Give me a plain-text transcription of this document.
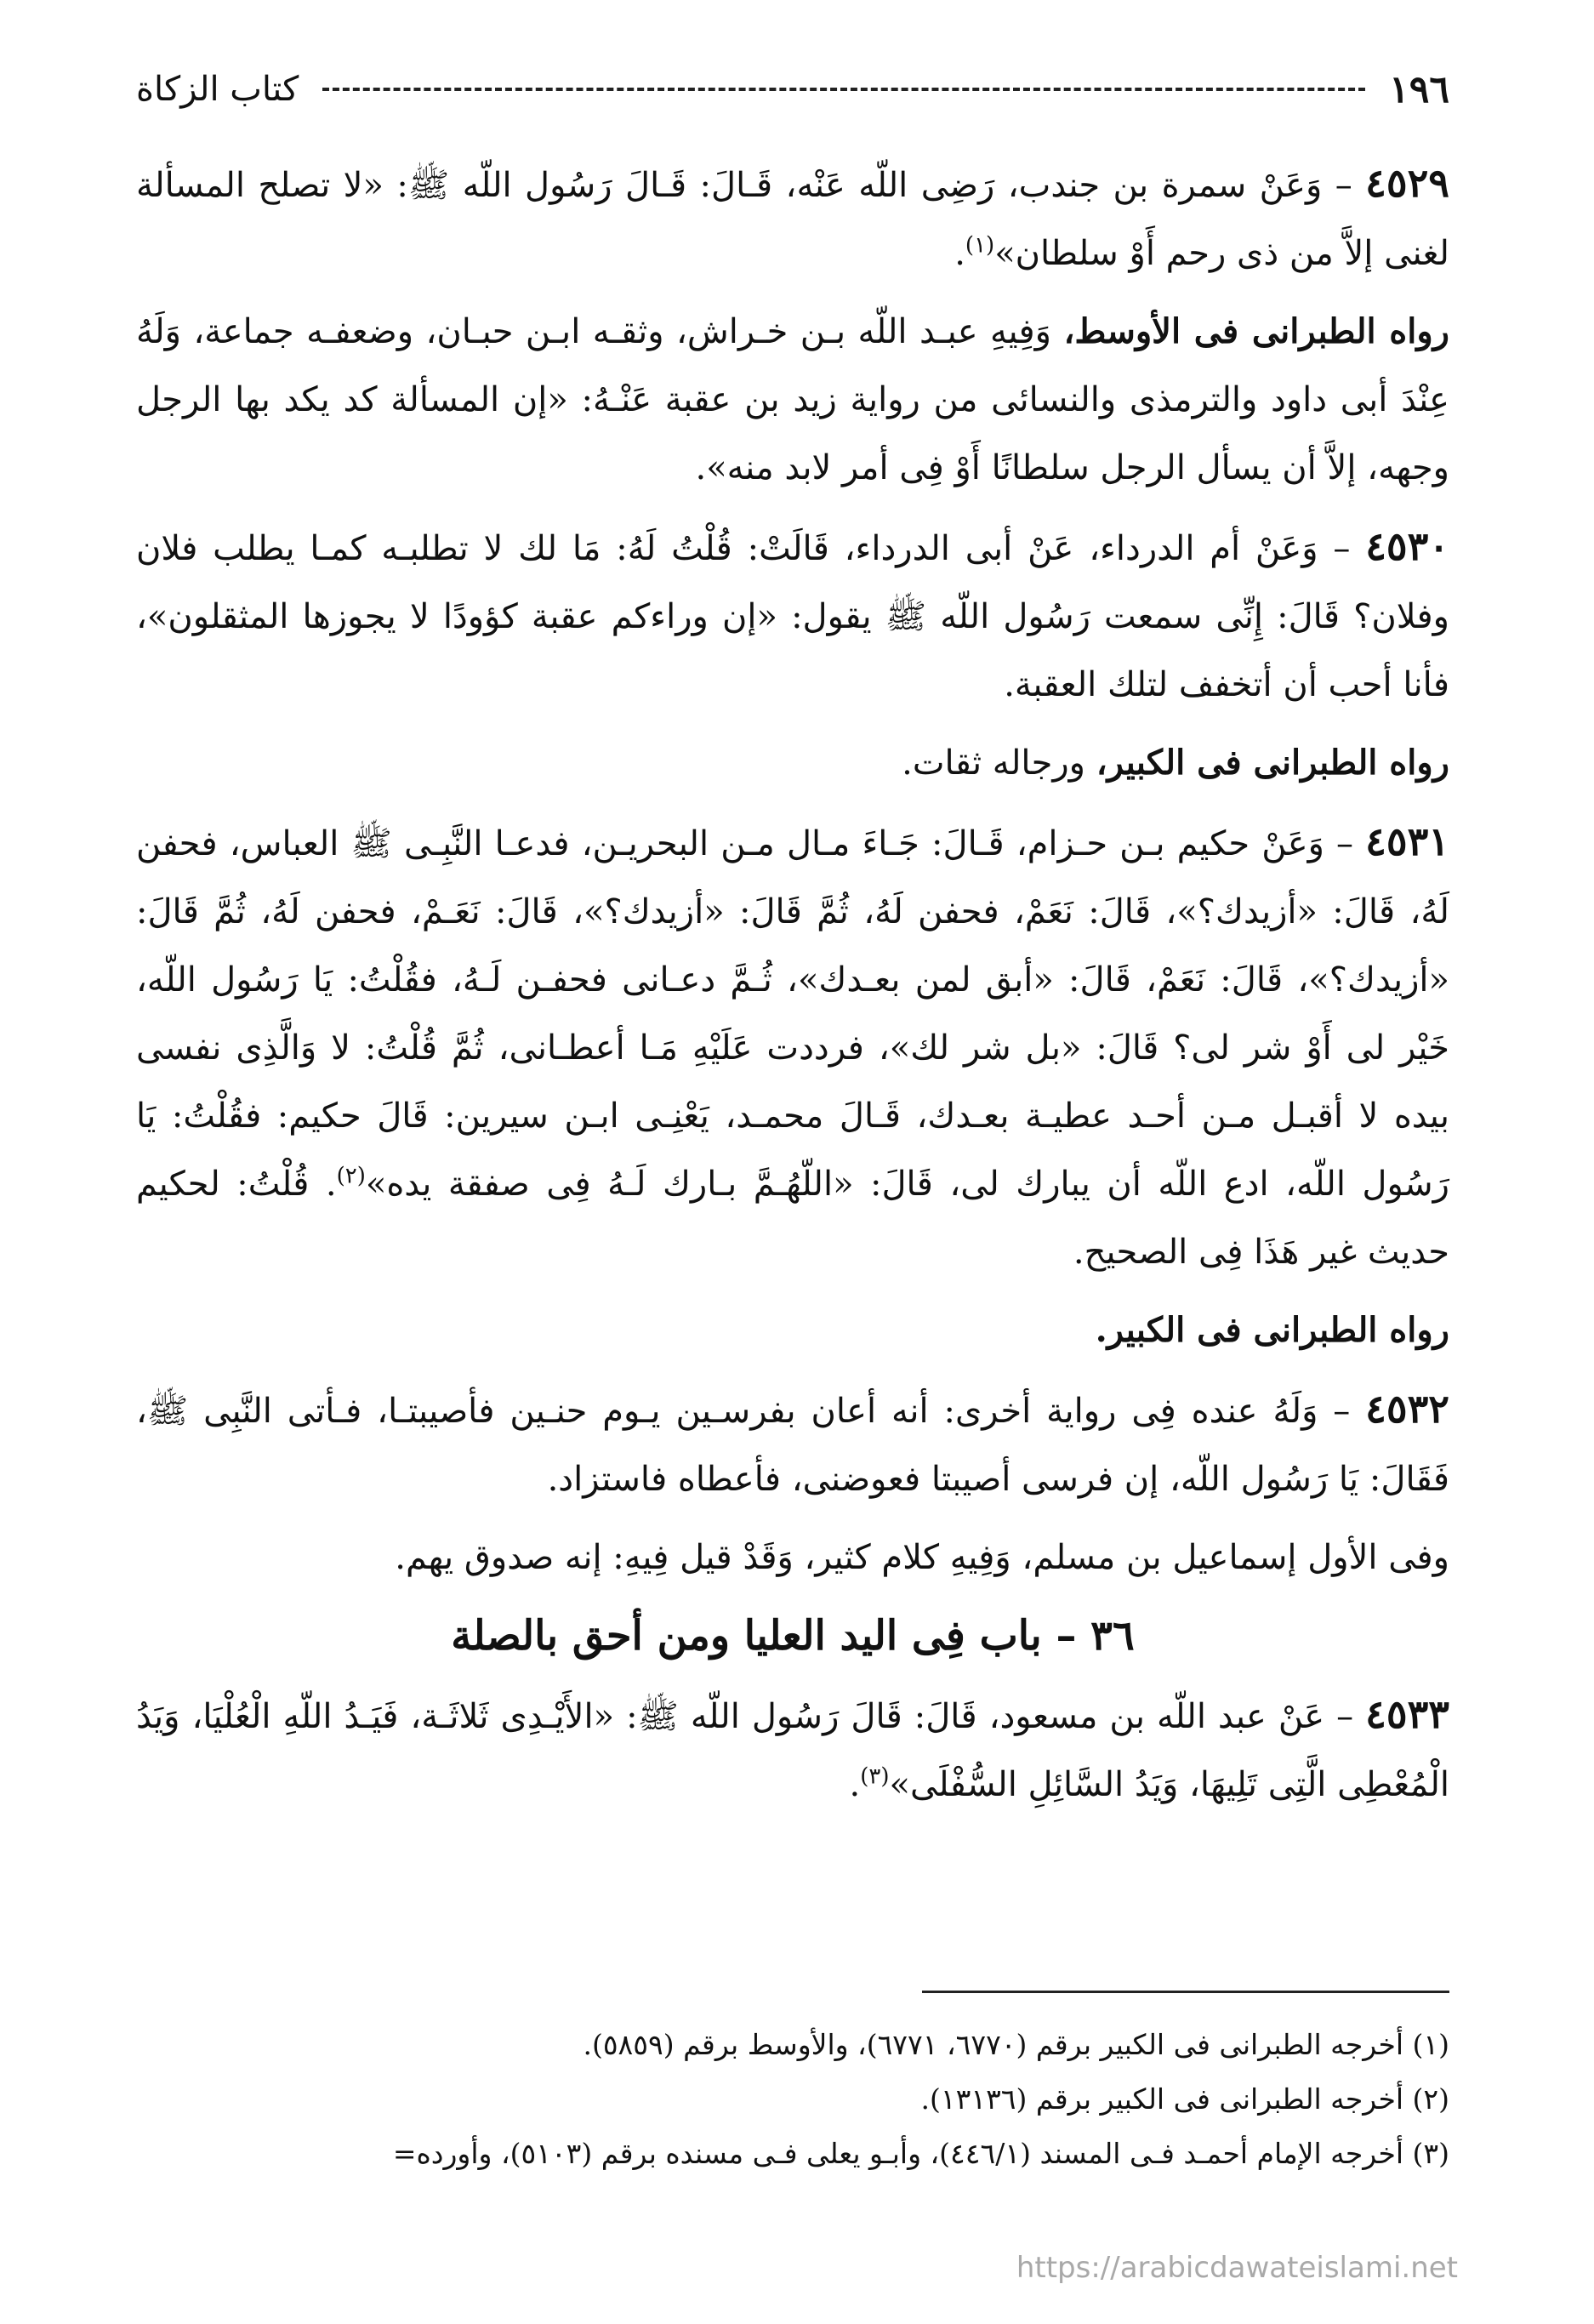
١٩٦
كتاب الزكاة

٤٥٢٩ – وَعَنْ سمرة بن جندب، رَضِى اللّه عَنْه، قَـالَ: قَـالَ رَسُول اللّه ﷺ: «لا تصلح المسألة لغنى إلاَّ من ذى رحم أَوْ سلطان»$^{(١)}$.

رواه الطبرانى فى الأوسط، وَفِيهِ عبـد اللّه بـن خـراش، وثقـه ابـن حبـان، وضعفـه جماعة، وَلَهُ عِنْدَ أبى داود والترمذى والنسائى من رواية زيد بن عقبة عَنْـهُ: «إن المسألة كد يكد بها الرجل وجهه، إلاَّ أن يسأل الرجل سلطانًا أَوْ فِى أمر لابد منه».

٤٥٣٠ – وَعَنْ أم الدرداء، عَنْ أبى الدرداء، قَالَتْ: قُلْتُ لَهُ: مَا لك لا تطلبـه كمـا يطلب فلان وفلان؟ قَالَ: إِنِّى سمعت رَسُول اللّه ﷺ يقول: «إن وراءكم عقبة كؤودًا لا يجوزها المثقلون»، فأنا أحب أن أتخفف لتلك العقبة.

رواه الطبرانى فى الكبير، ورجاله ثقات.

٤٥٣١ – وَعَنْ حكيم بـن حـزام، قَـالَ: جَـاءَ مـال مـن البحريـن، فدعـا النَّبِـى ﷺ العباس، فحفن لَهُ، قَالَ: «أزيدك؟»، قَالَ: نَعَمْ، فحفن لَهُ، ثُمَّ قَالَ: «أزيدك؟»، قَالَ: نَعَـمْ، فحفن لَهُ، ثُمَّ قَالَ: «أزيدك؟»، قَالَ: نَعَمْ، قَالَ: «أبق لمن بعـدك»، ثُـمَّ دعـانى فحفـن لَـهُ، فقُلْتُ: يَا رَسُول اللّه، خَيْر لى أَوْ شر لى؟ قَالَ: «بل شر لك»، فرددت عَلَيْهِ مَـا أعطـانى، ثُمَّ قُلْتُ: لا وَالَّذِى نفسى بيده لا أقبـل مـن أحـد عطيـة بعـدك، قَـالَ محمـد، يَعْنِـى ابـن سيرين: قَالَ حكيم: فقُلْتُ: يَا رَسُول اللّه، ادع اللّه أن يبارك لى، قَالَ: «اللّهُـمَّ بـارك لَـهُ فِى صفقة يده»$^{(٢)}$. قُلْتُ: لحكيم حديث غير هَذَا فِى الصحيح.

رواه الطبرانى فى الكبير.

٤٥٣٢ – وَلَهُ عنده فِى رواية أخرى: أنه أعان بفرسـين يـوم حنـين فأصيبتـا، فـأتى النَّبِى ﷺ، فَقَالَ: يَا رَسُول اللّه، إن فرسى أصيبتا فعوضنى، فأعطاه فاستزاد.

وفى الأول إسماعيل بن مسلم، وَفِيهِ كلام كثير، وَقَدْ قيل فِيهِ: إنه صدوق يهم.

٣٦ – باب فِى اليد العليا ومن أحق بالصلة

٤٥٣٣ – عَنْ عبد اللّه بن مسعود، قَالَ: قَالَ رَسُول اللّه ﷺ: «الأَيْـدِى ثَلاثَـة، فَيَـدُ اللّهِ الْعُلْيَا، وَيَدُ الْمُعْطِى الَّتِى تَلِيهَا، وَيَدُ السَّائِلِ السُّفْلَى»$^{(٣)}$.

(١) أخرجه الطبرانى فى الكبير برقم (٦٧٧٠، ٦٧٧١)، والأوسط برقم (٥٨٥٩).

(٢) أخرجه الطبرانى فى الكبير برقم (١٣١٣٦).

(٣) أخرجه الإمام أحمـد فـى المسند (٤٤٦/١)، وأبـو يعلى فـى مسنده برقم (٥١٠٣)، وأورده=

https://arabicdawateislami.net
